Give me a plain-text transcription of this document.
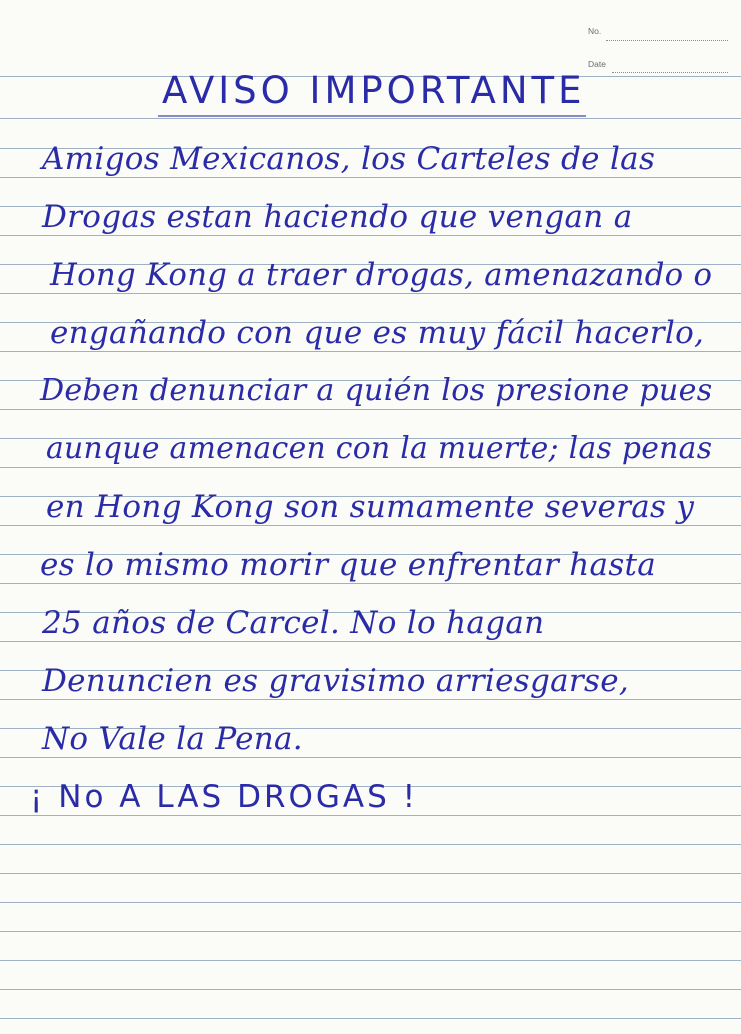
No.
Date
AVISO IMPORTANTE
Amigos Mexicanos, los Carteles de las
Drogas estan haciendo que vengan a
Hong Kong a traer drogas, amenazando o
engañando con que es muy fácil hacerlo,
Deben denunciar a quién los presione pues
aunque amenacen con la muerte; las penas
en Hong Kong son sumamente severas y
es lo mismo morir que enfrentar hasta
25 años de Carcel. No lo hagan
Denuncien es gravisimo arriesgarse,
No Vale la Pena.
¡ No A LAS DROGAS !
